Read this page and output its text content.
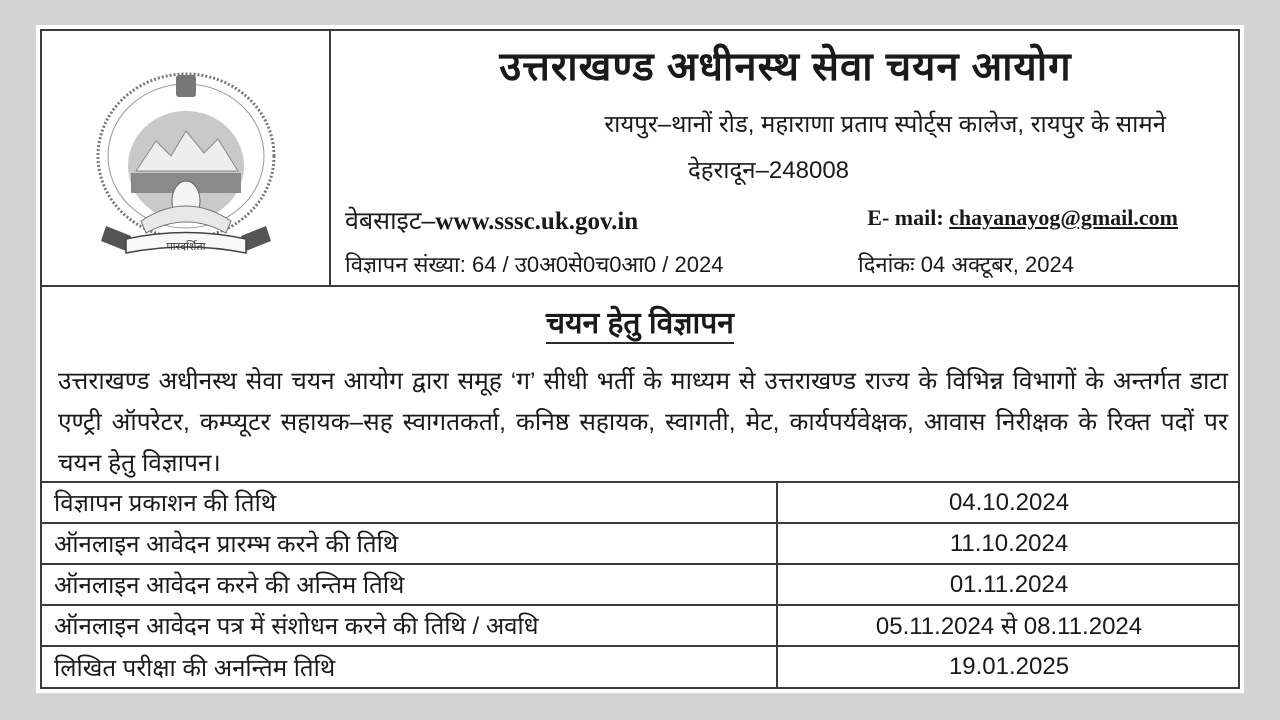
पारदर्शिता
उत्तराखण्ड अधीनस्थ सेवा चयन आयोग
रायपुर–थानों रोड, महाराणा प्रताप स्पोर्ट्स कालेज, रायपुर के सामने
देहरादून–248008
वेबसाइट–www.sssc.uk.gov.in	E- mail: chayanayog@gmail.com
विज्ञापन संख्या: 64 / उ0अ0से0च0आ0 / 2024	दिनांकः 04 अक्टूबर, 2024
चयन हेतु विज्ञापन
उत्तराखण्ड अधीनस्थ सेवा चयन आयोग द्वारा समूह ‘ग’ सीधी भर्ती के माध्यम से उत्तराखण्ड राज्य के विभिन्न विभागों के अन्तर्गत डाटा एण्ट्री ऑपरेटर, कम्प्यूटर सहायक–सह स्वागतकर्ता, कनिष्ठ सहायक, स्वागती, मेट, कार्यपर्यवेक्षक, आवास निरीक्षक के रिक्त पदों पर चयन हेतु विज्ञापन।
विज्ञापन प्रकाशन की तिथि	04.10.2024
ऑनलाइन आवेदन प्रारम्भ करने की तिथि	11.10.2024
ऑनलाइन आवेदन करने की अन्तिम तिथि	01.11.2024
ऑनलाइन आवेदन पत्र में संशोधन करने की तिथि / अवधि	05.11.2024 से 08.11.2024
लिखित परीक्षा की अनन्तिम तिथि	19.01.2025
